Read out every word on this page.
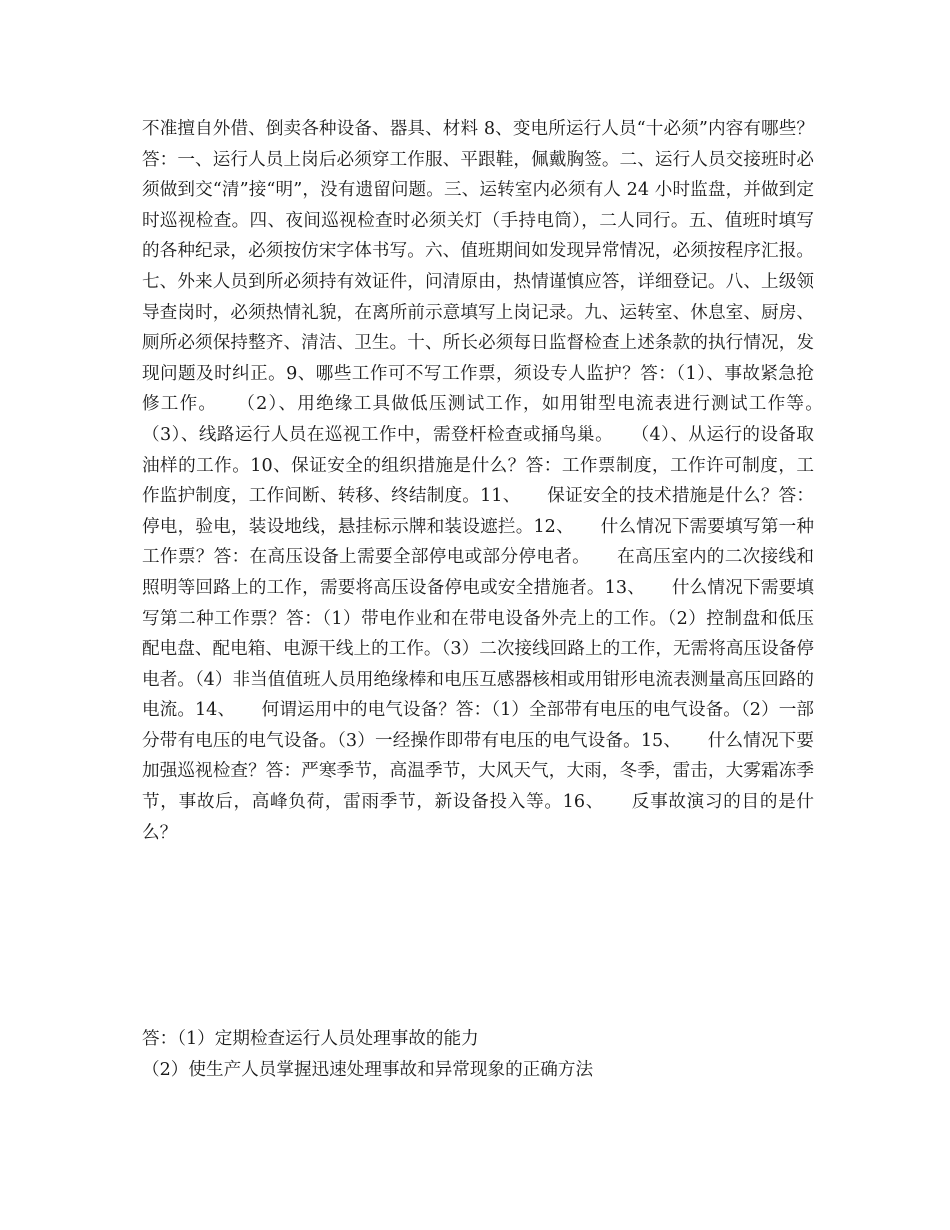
不准擅自外借、倒卖各种设备、器具、材料 8、变电所运行人员“十必须”内容有哪些？答：一、运行人员上岗后必须穿工作服、平跟鞋，佩戴胸签。二、运行人员交接班时必须做到交“清”接“明”，没有遗留问题。三、运转室内必须有人 24 小时监盘，并做到定时巡视检查。四、夜间巡视检查时必须关灯（手持电筒），二人同行。五、值班时填写的各种纪录，必须按仿宋字体书写。六、值班期间如发现异常情况，必须按程序汇报。七、外来人员到所必须持有效证件，问清原由，热情谨慎应答，详细登记。八、上级领导查岗时，必须热情礼貌，在离所前示意填写上岗记录。九、运转室、休息室、厨房、厕所必须保持整齐、清洁、卫生。十、所长必须每日监督检查上述条款的执行情况，发现问题及时纠正。9、哪些工作可不写工作票，须设专人监护？答：（1）、事故紧急抢修工作。　　（2）、用绝缘工具做低压测试工作，如用钳型电流表进行测试工作等。　　（3）、线路运行人员在巡视工作中，需登杆检查或捅鸟巢。　　（4）、从运行的设备取油样的工作。10、保证安全的组织措施是什么？答：工作票制度，工作许可制度，工作监护制度，工作间断、转移、终结制度。11、　　保证安全的技术措施是什么？答：停电，验电，装设地线，悬挂标示牌和装设遮拦。12、　　什么情况下需要填写第一种工作票？答：在高压设备上需要全部停电或部分停电者。　　在高压室内的二次接线和照明等回路上的工作，需要将高压设备停电或安全措施者。13、　　什么情况下需要填写第二种工作票？答：（1）带电作业和在带电设备外壳上的工作。（2）控制盘和低压配电盘、配电箱、电源干线上的工作。（3）二次接线回路上的工作，无需将高压设备停电者。（4）非当值值班人员用绝缘棒和电压互感器核相或用钳形电流表测量高压回路的电流。14、　　何谓运用中的电气设备？答：（1）全部带有电压的电气设备。（2）一部分带有电压的电气设备。（3）一经操作即带有电压的电气设备。15、　　什么情况下要加强巡视检查？答：严寒季节，高温季节，大风天气，大雨，冬季，雷击，大雾霜冻季节，事故后，高峰负荷，雷雨季节，新设备投入等。16、　　反事故演习的目的是什么？

答：（1）定期检查运行人员处理事故的能力

（2）使生产人员掌握迅速处理事故和异常现象的正确方法
